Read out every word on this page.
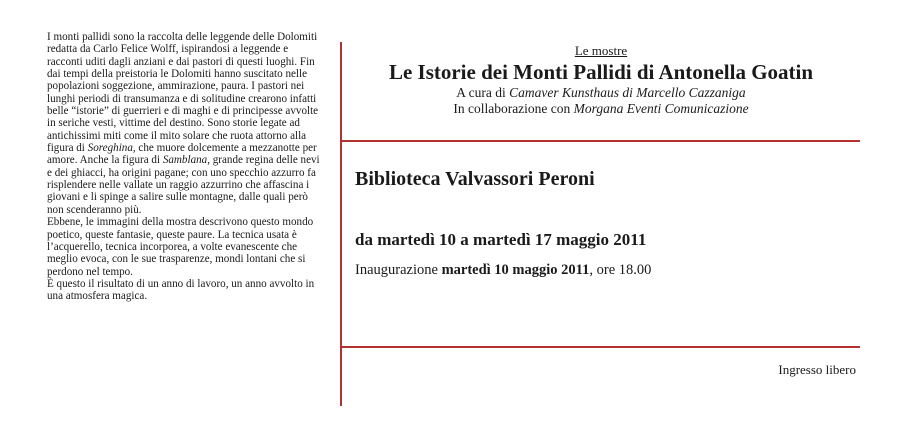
I monti pallidi sono la raccolta delle leggende delle Dolomiti redatta da Carlo Felice Wolff, ispirandosi a leggende e racconti uditi dagli anziani e dai pastori di questi luoghi. Fin dai tempi della preistoria le Dolomiti hanno suscitato nelle popolazioni soggezione, ammirazione, paura. I pastori nei lunghi periodi di transumanza e di solitudine crearono infatti belle “istorie” di guerrieri e di maghi e di principesse avvolte in seriche vesti, vittime del destino. Sono storie legate ad antichissimi miti come il mito solare che ruota attorno alla figura di Soreghina, che muore dolcemente a mezzanotte per amore. Anche la figura di Samblana, grande regina delle nevi e dei ghiacci, ha origini pagane; con uno specchio azzurro fa risplendere nelle vallate un raggio azzurrino che affascina i giovani e li spinge a salire sulle montagne, dalle quali però non scenderanno più.

Ebbene, le immagini della mostra descrivono questo mondo poetico, queste fantasie, queste paure. La tecnica usata è l’acquerello, tecnica incorporea, a volte evanescente che meglio evoca, con le sue trasparenze, mondi lontani che si perdono nel tempo.

È questo il risultato di un anno di lavoro, un anno avvolto in una atmosfera magica.

Le mostre
Le Istorie dei Monti Pallidi di Antonella Goatin
A cura di Camaver Kunsthaus di Marcello Cazzaniga
In collaborazione con Morgana Eventi Comunicazione
Biblioteca Valvassori Peroni
da martedì 10 a martedì 17 maggio 2011
Inaugurazione martedì 10 maggio 2011, ore 18.00
Ingresso libero
